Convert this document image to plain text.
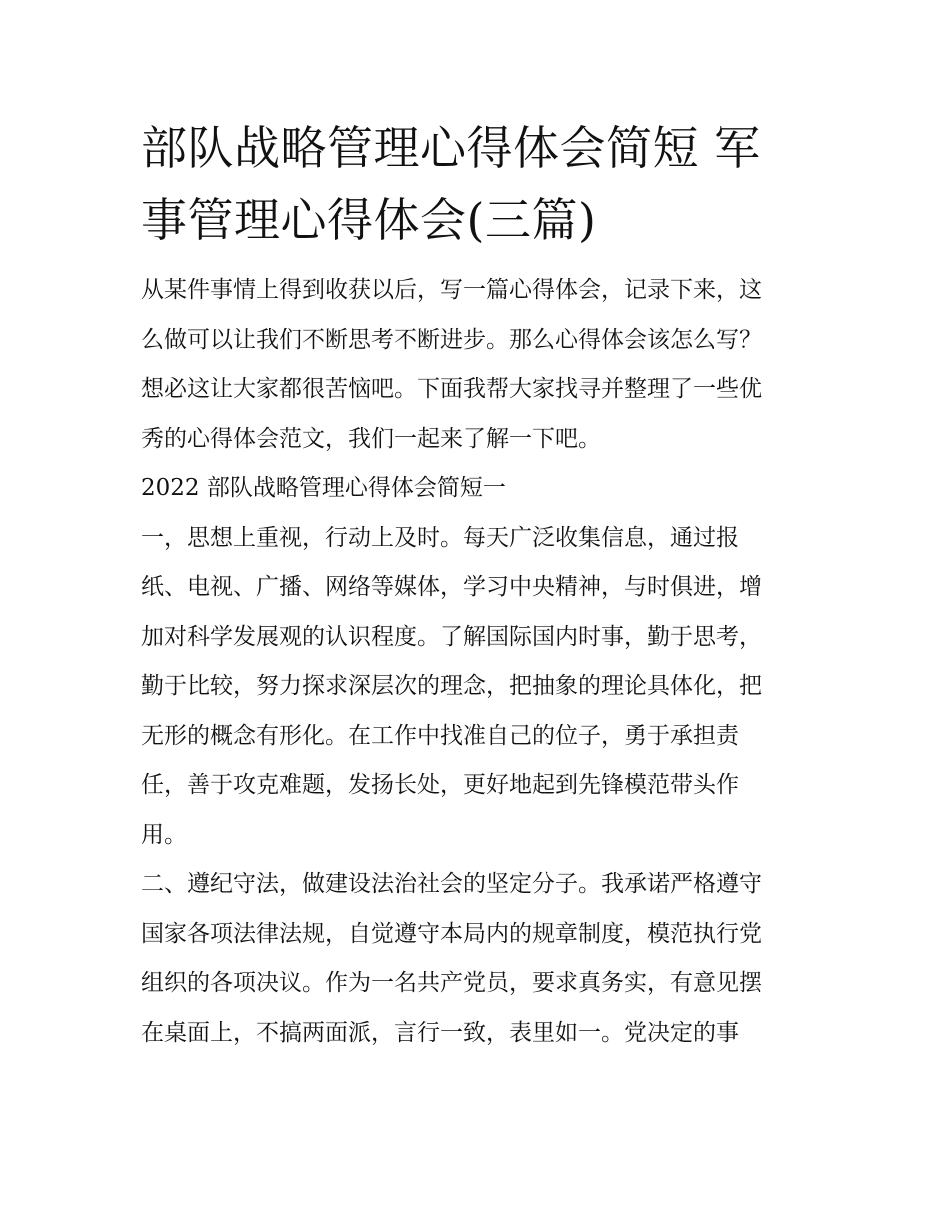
部队战略管理心得体会简短 军
事管理心得体会(三篇)

从某件事情上得到收获以后，写一篇心得体会，记录下来，这
么做可以让我们不断思考不断进步。那么心得体会该怎么写？
想必这让大家都很苦恼吧。下面我帮大家找寻并整理了一些优
秀的心得体会范文，我们一起来了解一下吧。

2022 部队战略管理心得体会简短一

一，思想上重视，行动上及时。每天广泛收集信息，通过报
纸、电视、广播、网络等媒体，学习中央精神，与时俱进，增
加对科学发展观的认识程度。了解国际国内时事，勤于思考，
勤于比较，努力探求深层次的理念，把抽象的理论具体化，把
无形的概念有形化。在工作中找准自己的位子，勇于承担责
任，善于攻克难题，发扬长处，更好地起到先锋模范带头作
用。

二、遵纪守法，做建设法治社会的坚定分子。我承诺严格遵守
国家各项法律法规，自觉遵守本局内的规章制度，模范执行党
组织的各项决议。作为一名共产党员，要求真务实，有意见摆
在桌面上，不搞两面派，言行一致，表里如一。党决定的事
